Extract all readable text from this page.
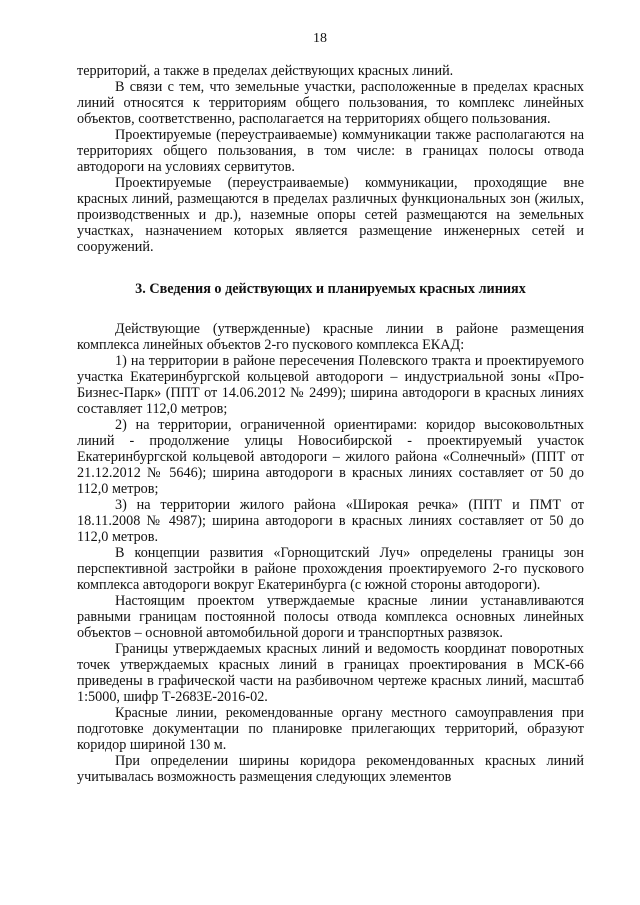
18

территорий, а также в пределах действующих красных линий.

В связи с тем, что земельные участки, расположенные в пределах красных линий относятся к территориям общего пользования, то комплекс линейных объектов, соответственно, располагается на территориях общего пользования.

Проектируемые (переустраиваемые) коммуникации также располагаются на территориях общего пользования, в том числе: в границах полосы отвода автодороги на условиях сервитутов.

Проектируемые (переустраиваемые) коммуникации, проходящие вне красных линий, размещаются в пределах различных функциональных зон (жилых, производственных и др.), наземные опоры сетей размещаются на земельных участках, назначением которых является размещение инженерных сетей и сооружений.

3. Сведения о действующих и планируемых красных линиях

Действующие (утвержденные) красные линии в районе размещения комплекса линейных объектов 2-го пускового комплекса ЕКАД:

1) на территории в районе пересечения Полевского тракта и проектируемого участка Екатеринбургской кольцевой автодороги – индустриальной зоны «Про-Бизнес-Парк» (ППТ от 14.06.2012 № 2499); ширина автодороги в красных линиях составляет 112,0 метров;

2) на территории, ограниченной ориентирами: коридор высоковольтных линий - продолжение улицы Новосибирской - проектируемый участок Екатеринбургской кольцевой автодороги – жилого района «Солнечный» (ППТ от 21.12.2012 № 5646); ширина автодороги в красных линиях составляет от 50 до 112,0 метров;

3) на территории жилого района «Широкая речка» (ППТ и ПМТ от 18.11.2008 № 4987); ширина автодороги в красных линиях составляет от 50 до 112,0 метров.

В концепции развития «Горнощитский Луч» определены границы зон перспективной застройки в районе прохождения проектируемого 2-го пускового комплекса автодороги вокруг Екатеринбурга (с южной стороны автодороги).

Настоящим проектом утверждаемые красные линии устанавливаются равными границам постоянной полосы отвода комплекса основных линейных объектов – основной автомобильной дороги и транспортных развязок.

Границы утверждаемых красных линий и ведомость координат поворотных точек утверждаемых красных линий в границах проектирования в МСК-66 приведены в графической части на разбивочном чертеже красных линий, масштаб 1:5000, шифр Т-2683Е-2016-02.

Красные линии, рекомендованные органу местного самоуправления при подготовке документации по планировке прилегающих территорий, образуют коридор шириной 130 м.

При определении ширины коридора рекомендованных красных линий учитывалась возможность размещения следующих элементов
